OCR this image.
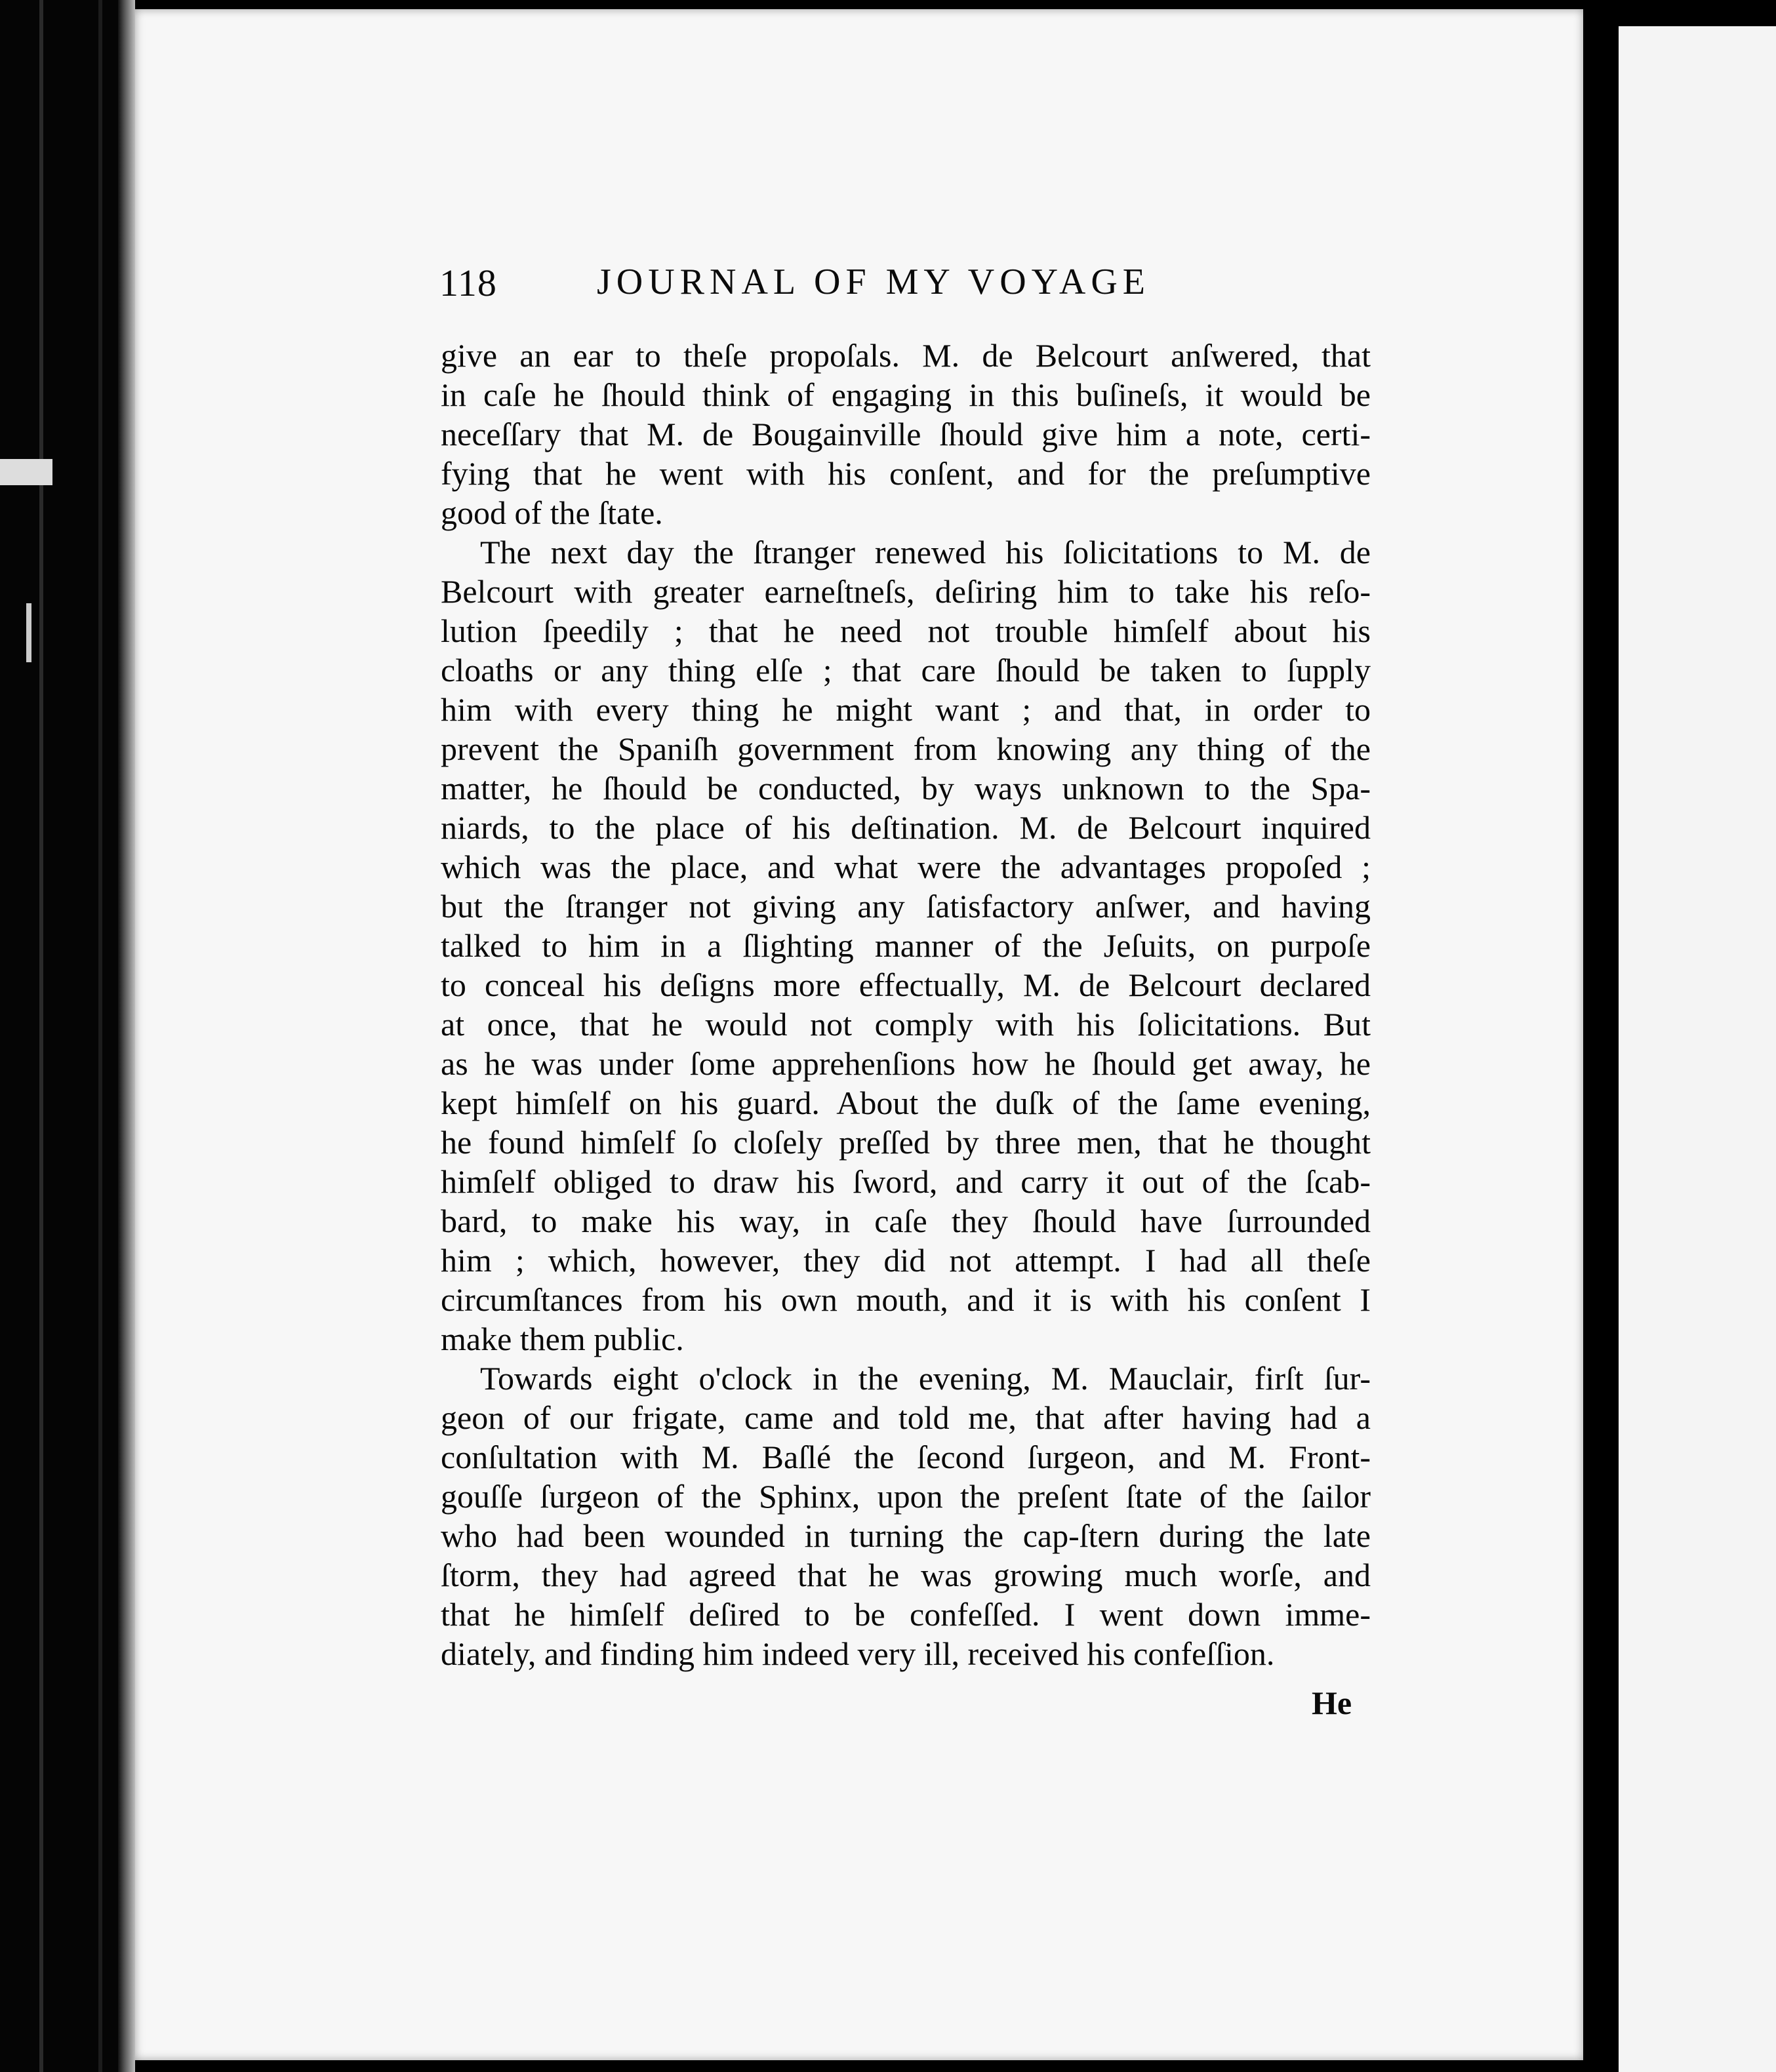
118	JOURNAL OF MY VOYAGE
give an ear to theſe propoſals. M. de Belcourt anſwered, that
in caſe he ſhould think of engaging in this buſineſs, it would be
neceſſary that M. de Bougainville ſhould give him a note, certi-
fying that he went with his conſent, and for the preſumptive
good of the ſtate.
The next day the ſtranger renewed his ſolicitations to M. de
Belcourt with greater earneſtneſs, deſiring him to take his reſo-
lution ſpeedily ; that he need not trouble himſelf about his
cloaths or any thing elſe ; that care ſhould be taken to ſupply
him with every thing he might want ; and that, in order to
prevent the Spaniſh government from knowing any thing of the
matter, he ſhould be conducted, by ways unknown to the Spa-
niards, to the place of his deſtination. M. de Belcourt inquired
which was the place, and what were the advantages propoſed ;
but the ſtranger not giving any ſatisfactory anſwer, and having
talked to him in a ſlighting manner of the Jeſuits, on purpoſe
to conceal his deſigns more effectually, M. de Belcourt declared
at once, that he would not comply with his ſolicitations. But
as he was under ſome apprehenſions how he ſhould get away, he
kept himſelf on his guard. About the duſk of the ſame evening,
he found himſelf ſo cloſely preſſed by three men, that he thought
himſelf obliged to draw his ſword, and carry it out of the ſcab-
bard, to make his way, in caſe they ſhould have ſurrounded
him ; which, however, they did not attempt. I had all theſe
circumſtances from his own mouth, and it is with his conſent I
make them public.
Towards eight o'clock in the evening, M. Mauclair, firſt ſur-
geon of our frigate, came and told me, that after having had a
conſultation with M. Baſlé the ſecond ſurgeon, and M. Front-
gouſſe ſurgeon of the Sphinx, upon the preſent ſtate of the ſailor
who had been wounded in turning the cap-ſtern during the late
ſtorm, they had agreed that he was growing much worſe, and
that he himſelf deſired to be confeſſed. I went down imme-
diately, and finding him indeed very ill, received his confeſſion.
He
